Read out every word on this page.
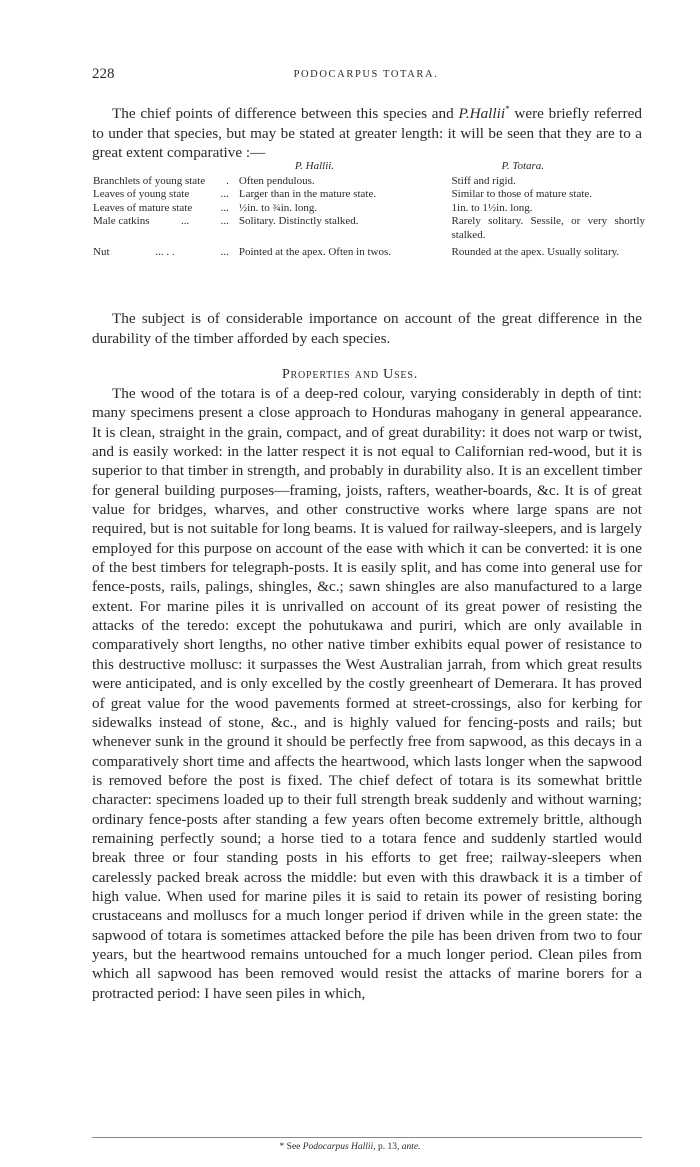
228	PODOCARPUS TOTARA.

The chief points of difference between this species and P.Hallii* were briefly referred to under that species, but may be stated at greater length: it will be seen that they are to a great extent comparative :—

	P. Hallii.	P. Totara.

Branchlets of young state .	Often pendulous.	Stiff and rigid.

Leaves of young state ...	Larger than in the mature state.	Similar to those of mature state.

Leaves of mature state ...	½in. to ¾in. long.	1in. to 1½in. long.

Male catkins ... ...	Solitary. Distinctly stalked.	Rarely solitary. Sessile, or very shortly stalked.

Nut ... . . ...	Pointed at the apex. Often in twos.	Rounded at the apex. Usually solitary.

The subject is of considerable importance on account of the great difference in the durability of the timber afforded by each species.

Properties and Uses.

The wood of the totara is of a deep-red colour, varying considerably in depth of tint: many specimens present a close approach to Honduras mahogany in general appearance. It is clean, straight in the grain, compact, and of great durability: it does not warp or twist, and is easily worked: in the latter respect it is not equal to Californian red-wood, but it is superior to that timber in strength, and probably in durability also. It is an excellent timber for general building purposes—framing, joists, rafters, weather-boards, &c. It is of great value for bridges, wharves, and other constructive works where large spans are not required, but is not suitable for long beams. It is valued for railway-sleepers, and is largely employed for this purpose on account of the ease with which it can be converted: it is one of the best timbers for telegraph-posts. It is easily split, and has come into general use for fence-posts, rails, palings, shingles, &c.; sawn shingles are also manufactured to a large extent. For marine piles it is unrivalled on account of its great power of resisting the attacks of the teredo: except the pohutukawa and puriri, which are only available in comparatively short lengths, no other native timber exhibits equal power of resistance to this destructive mollusc: it surpasses the West Australian jarrah, from which great results were anticipated, and is only excelled by the costly greenheart of Demerara. It has proved of great value for the wood pavements formed at street-crossings, also for kerbing for sidewalks instead of stone, &c., and is highly valued for fencing-posts and rails; but whenever sunk in the ground it should be perfectly free from sapwood, as this decays in a comparatively short time and affects the heartwood, which lasts longer when the sapwood is removed before the post is fixed. The chief defect of totara is its somewhat brittle character: specimens loaded up to their full strength break suddenly and without warning; ordinary fence-posts after standing a few years often become extremely brittle, although remaining perfectly sound; a horse tied to a totara fence and suddenly startled would break three or four standing posts in his efforts to get free; railway-sleepers when carelessly packed break across the middle: but even with this drawback it is a timber of high value. When used for marine piles it is said to retain its power of resisting boring crustaceans and molluscs for a much longer period if driven while in the green state: the sapwood of totara is sometimes attacked before the pile has been driven from two to four years, but the heartwood remains untouched for a much longer period. Clean piles from which all sapwood has been removed would resist the attacks of marine borers for a protracted period: I have seen piles in which,

* See Podocarpus Hallii, p. 13, ante.
